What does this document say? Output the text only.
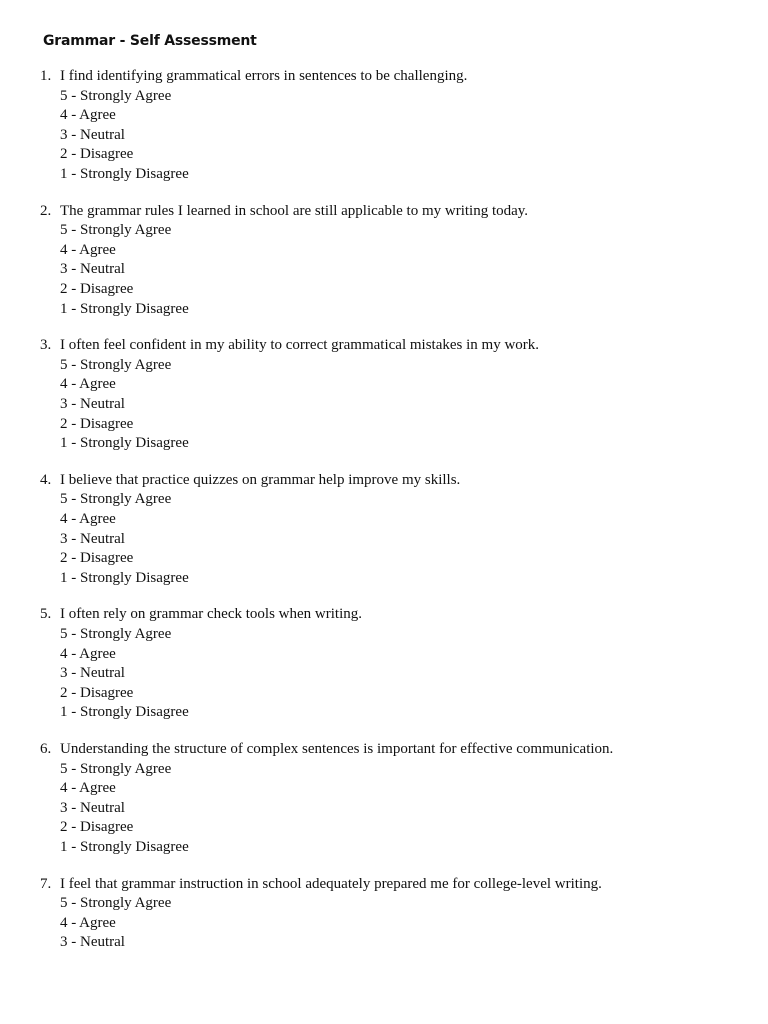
Grammar - Self Assessment
1. I find identifying grammatical errors in sentences to be challenging.
5 - Strongly Agree
4 - Agree
3 - Neutral
2 - Disagree
1 - Strongly Disagree
2. The grammar rules I learned in school are still applicable to my writing today.
5 - Strongly Agree
4 - Agree
3 - Neutral
2 - Disagree
1 - Strongly Disagree
3. I often feel confident in my ability to correct grammatical mistakes in my work.
5 - Strongly Agree
4 - Agree
3 - Neutral
2 - Disagree
1 - Strongly Disagree
4. I believe that practice quizzes on grammar help improve my skills.
5 - Strongly Agree
4 - Agree
3 - Neutral
2 - Disagree
1 - Strongly Disagree
5. I often rely on grammar check tools when writing.
5 - Strongly Agree
4 - Agree
3 - Neutral
2 - Disagree
1 - Strongly Disagree
6. Understanding the structure of complex sentences is important for effective communication.
5 - Strongly Agree
4 - Agree
3 - Neutral
2 - Disagree
1 - Strongly Disagree
7. I feel that grammar instruction in school adequately prepared me for college-level writing.
5 - Strongly Agree
4 - Agree
3 - Neutral
